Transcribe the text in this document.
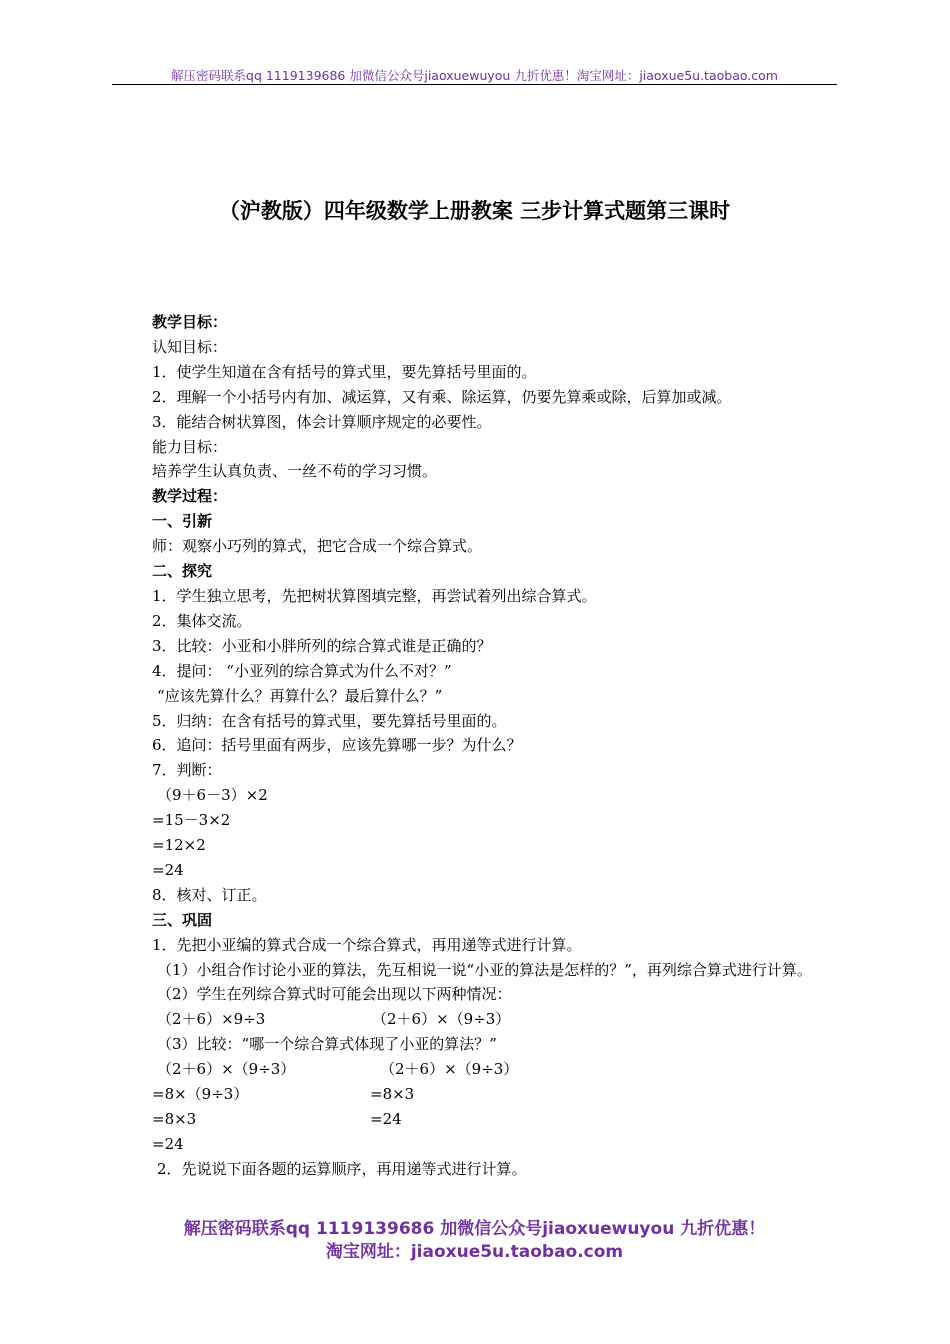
解压密码联系qq 1119139686 加微信公众号jiaoxuewuyou 九折优惠！淘宝网址：jiaoxue5u.taobao.com
（沪教版）四年级数学上册教案 三步计算式题第三课时
教学目标：
认知目标：
1．使学生知道在含有括号的算式里，要先算括号里面的。
2．理解一个小括号内有加、减运算，又有乘、除运算，仍要先算乘或除，后算加或减。
3．能结合树状算图，体会计算顺序规定的必要性。
能力目标：
培养学生认真负责、一丝不苟的学习习惯。
教学过程：
一、引新
师：观察小巧列的算式，把它合成一个综合算式。
二、探究
1．学生独立思考，先把树状算图填完整，再尝试着列出综合算式。
2．集体交流。
3．比较：小亚和小胖所列的综合算式谁是正确的？
4．提问： “小亚列的综合算式为什么不对？”
“应该先算什么？再算什么？最后算什么？”
5．归纳：在含有括号的算式里，要先算括号里面的。
6．追问：括号里面有两步，应该先算哪一步？为什么？
7．判断：
（9＋6－3）×2
=15－3×2
=12×2
=24
8．核对、订正。
三、巩固
1．先把小亚编的算式合成一个综合算式，再用递等式进行计算。
（1）小组合作讨论小亚的算法，先互相说一说“小亚的算法是怎样的？”，再列综合算式进行计算。
（2）学生在列综合算式时可能会出现以下两种情况：
（2＋6）×9÷3	（2＋6）×（9÷3）
（3）比较：“哪一个综合算式体现了小亚的算法？”
（2＋6）×（9÷3）	（2＋6）×（9÷3）
=8×（9÷3）	=8×3
=8×3	=24
=24
2．先说说下面各题的运算顺序，再用递等式进行计算。
解压密码联系qq 1119139686 加微信公众号jiaoxuewuyou 九折优惠！
淘宝网址：jiaoxue5u.taobao.com
